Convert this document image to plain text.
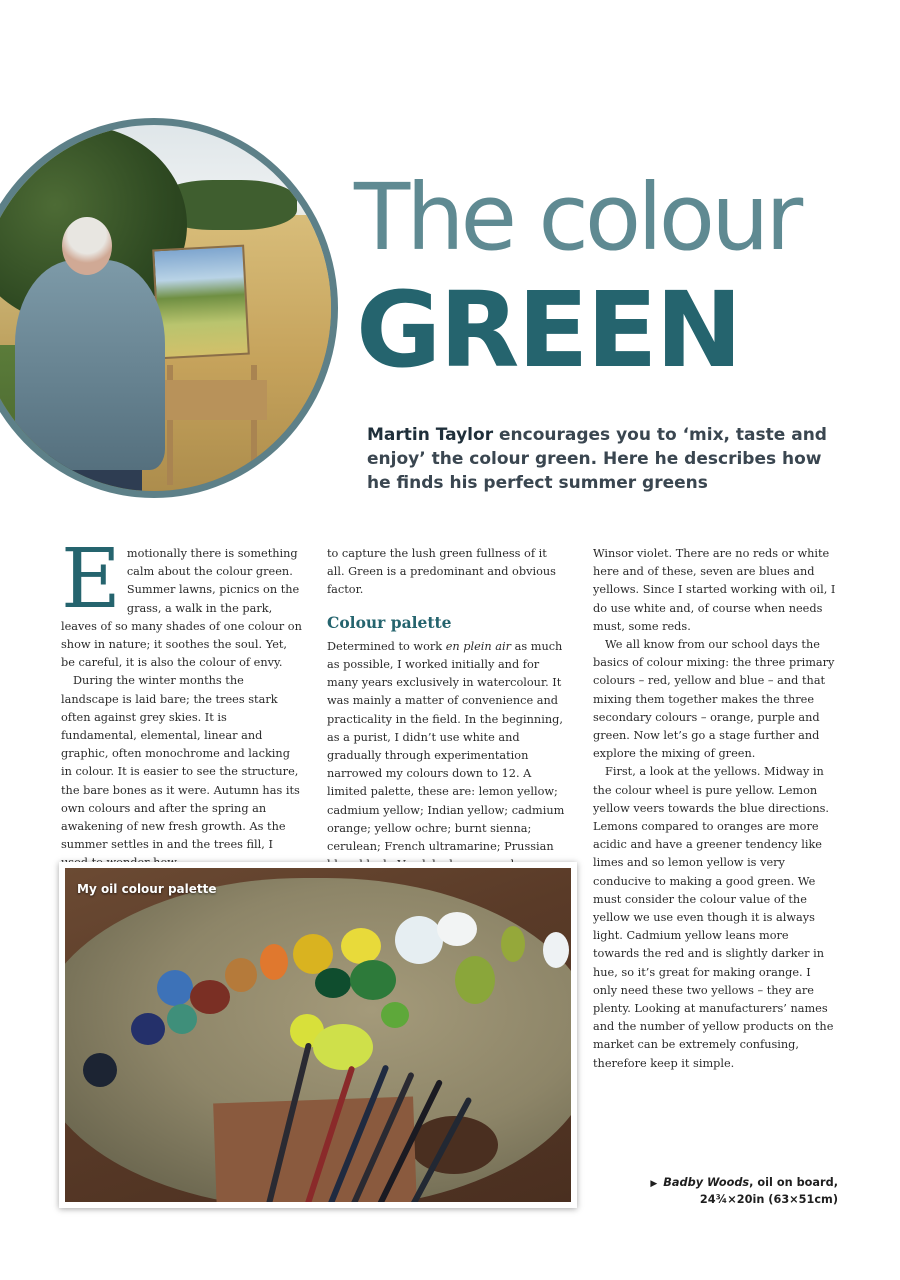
The colour
GREEN
Martin Taylor encourages you to ‘mix, taste and enjoy’ the colour green. Here he describes how he finds his perfect summer greens

Emotionally there is something calm about the colour green. Summer lawns, picnics on the grass, a walk in the park, leaves of so many shades of one colour on show in nature; it soothes the soul. Yet, be careful, it is also the colour of envy.

During the winter months the landscape is laid bare; the trees stark often against grey skies. It is fundamental, elemental, linear and graphic, often monochrome and lacking in colour. It is easier to see the structure, the bare bones as it were. Autumn has its own colours and after the spring an awakening of new fresh growth. As the summer settles in and the trees fill, I

to capture the lush green fullness of it all. Green is a predominant and obvious factor.

Colour palette

Determined to work en plein air as much as possible, I worked initially and for many years exclusively in watercolour. It was mainly a matter of convenience and practicality in the field. In the beginning, as a purist, I didn’t use white and gradually through experimentation narrowed my colours down to 12. A limited palette, these are: lemon yellow; cadmium yellow; Indian yellow; cadmium orange; yellow ochre; burnt sienna; cerulean; French ultramarine; Prussian

Winsor violet. There are no reds or white here and of these, seven are blues and yellows. Since I started working with oil, I do use white and, of course when needs must, some reds.

We all know from our school days the basics of colour mixing: the three primary colours – red, yellow and blue – and that mixing them together makes the three secondary colours – orange, purple and green. Now let’s go a stage further and explore the mixing of green.

First, a look at the yellows. Midway in the colour wheel is pure yellow. Lemon yellow veers towards the blue directions. Lemons compared to oranges are more acidic and have a greener tendency like limes and so lemon yellow is very conducive to making a good green. We must consider the colour value of the yellow we use even though it is always light. Cadmium yellow leans more towards the red and is slightly darker in hue, so it’s great for making orange. I only need these two yellows – they are plenty. Looking at manufacturers’ names and the number of yellow products on the market can be extremely confusing, therefore keep it simple.

My oil colour palette
▶ Badby Woods, oil on board,
24¾×20in (63×51cm)
